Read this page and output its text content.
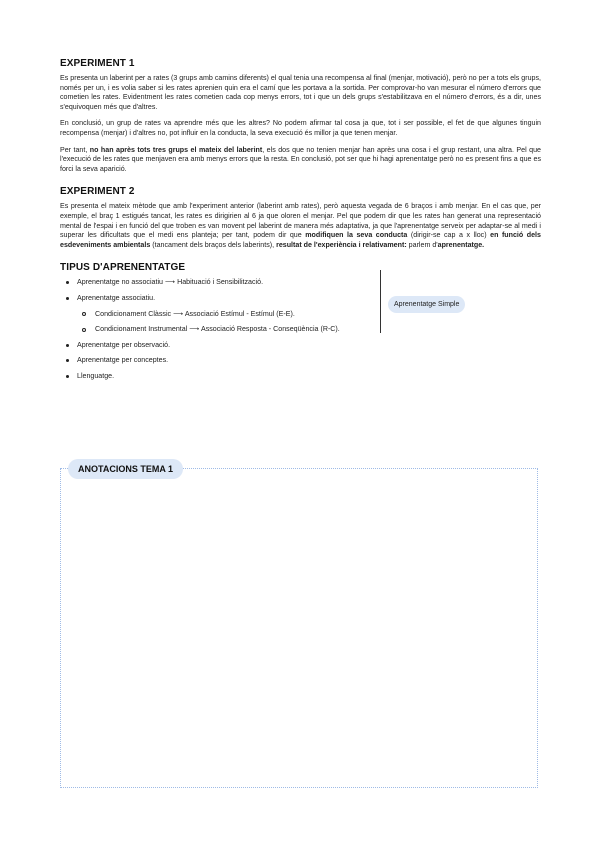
EXPERIMENT 1

Es presenta un laberint per a rates (3 grups amb camins diferents) el qual tenia una recompensa al final (menjar, motivació), però no per a tots els grups, només per un, i es volia saber si les rates aprenien quin era el camí que les portava a la sortida. Per comprovar-ho van mesurar el número d'errors que cometien les rates. Evidentment les rates cometien cada cop menys errors, tot i que un dels grups s'estabilitzava en el número d'errors, és a dir, unes s'equivoquen més que d'altres.

En conclusió, un grup de rates va aprendre més que les altres? No podem afirmar tal cosa ja que, tot i ser possible, el fet de que algunes tinguin recompensa (menjar) i d'altres no, pot influir en la conducta, la seva execució és millor ja que tenen menjar.

Per tant, no han après tots tres grups el mateix del laberint, els dos que no tenien menjar han après una cosa i el grup restant, una altra. Pel que l'execució de les rates que menjaven era amb menys errors que la resta. En conclusió, pot ser que hi hagi aprenentatge però no es present fins a que es forci la seva aparició.

EXPERIMENT 2

Es presenta el mateix mètode que amb l'experiment anterior (laberint amb rates), però aquesta vegada de 6 braços i amb menjar. En el cas que, per exemple, el braç 1 estigués tancat, les rates es dirigirien al 6 ja que oloren el menjar. Pel que podem dir que les rates han generat una representació mental de l'espai i en funció del que troben es van movent pel laberint de manera més adaptativa, ja que l'aprenentatge serveix per adaptar-se al medi i superar les dificultats que el medi ens planteja; per tant, podem dir que modifiquen la seva conducta (dirigir-se cap a x lloc) en funció dels esdeveniments ambientals (tancament dels braços dels laberints), resultat de l'experiència i relativament: parlem d'aprenentatge.

TIPUS D'APRENENTATGE
Aprenentatge no associatiu ⟶ Habituació i Sensibilització.
Aprenentatge associatiu.
Condicionament Clàssic ⟶ Associació Estímul - Estímul (E-E).
Condicionament Instrumental ⟶ Associació Resposta - Conseqüència (R-C).
Aprenentatge per observació.
Aprenentatge per conceptes.
Llenguatge.
Aprenentatge Simple
ANOTACIONS TEMA 1
